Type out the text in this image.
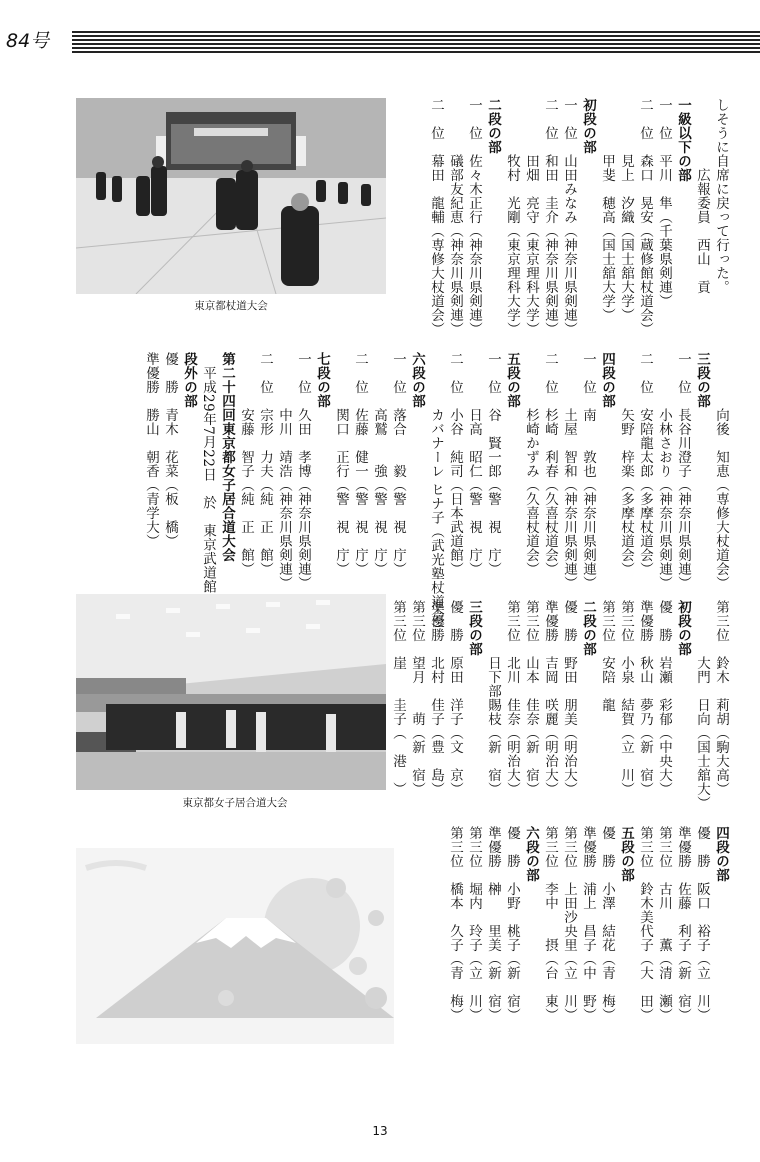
84号
東京都杖道大会
東京都女子居合道大会
しそうに自席に戻って行った。
　　　　　広報委員　西山　貢
一級以下の部
一　位　平川　隼（千葉県剣連）
二　位　森口　晃安（蔵修館杖道会）
　　　　見上　汐織（国士舘大学）
　　　　甲斐　穂高（国士舘大学）
初段の部
一　位　山田みなみ（神奈川県剣連）
二　位　和田　圭介（神奈川県剣連）
　　　　田畑　亮守（東京理科大学）
　　　　牧村　光剛（東京理科大学）
二段の部
一　位　佐々木正行（神奈川県剣連）
　　　　礒部友紀恵（神奈川県剣連）
二　位　幕田　龍輔（専修大杖道会）
　　　　向後　知恵（専修大杖道会）
三段の部
一　位　長谷川澄子（神奈川県剣連）
　　　　小林さおり（神奈川県剣連）
二　位　安陪龍太郎（多摩杖道会）
　　　　矢野　梓楽（多摩杖道会）
四段の部
一　位　南　　敦也（神奈川県剣連）
　　　　土屋　智和（神奈川県剣連）
二　位　杉崎　利春（久喜杖道会）
　　　　杉崎かずみ（久喜杖道会）
五段の部
一　位　谷　賢一郎（警　視　庁）
　　　　日高　昭仁（警　視　庁）
二　位　小谷　純司（日本武道館）
　　　　カバナーレ ヒナ子（武光塾杖道会）
六段の部
一　位　落合　　毅（警　視　庁）
　　　　高鷲　　強（警　視　庁）
二　位　佐藤　健一（警　視　庁）
　　　　関口　正行（警　視　庁）
七段の部
一　位　久田　孝博（神奈川県剣連）
　　　　中川　靖浩（神奈川県剣連）
二　位　宗形　力夫（純　正　館）
　　　　安藤　智子（純　正　館）
第二十四回東京都女子居合道大会
　平成29年7月22日　於　東京武道館
段外の部
優　勝　青木　花菜（板　橋）
準優勝　勝山　朝香（青学大）
第三位　鈴木　莉胡（駒大高）
　　　　大門　日向（国士舘大）
初段の部
優　勝　岩瀬　彩郁（中央大）
準優勝　秋山　夢乃（新　宿）
第三位　小泉　結賀（立　川）
第三位　安陪　龍　　　
二段の部
優　勝　野田　朋美（明治大）
準優勝　吉岡　咲麗（明治大）
第三位　山本　佳奈（新　宿）
第三位　北川　佳奈（明治大）
　　　　日下部賜枝（新　宿）
三段の部
優　勝　原田　洋子（文　京）
準優勝　北村　佳子（豊　島）
第三位　望月　　萌（新　宿）
第三位　崖　　圭子（　港　）
四段の部
優　勝　阪口　裕子（立　川）
準優勝　佐藤　利子（新　宿）
第三位　古川　　薫（清　瀬）
第三位　鈴木美代子（大　田）
五段の部
優　勝　小澤　結花（青　梅）
準優勝　浦上　昌子（中　野）
第三位　上田沙央里（立　川）
第三位　李中　　摂（台　東）
六段の部
優　勝　小野　桃子（新　宿）
準優勝　榊　　里美（新　宿）
第三位　堀内　玲子（立　川）
第三位　橋本　久子（青　梅）
13
